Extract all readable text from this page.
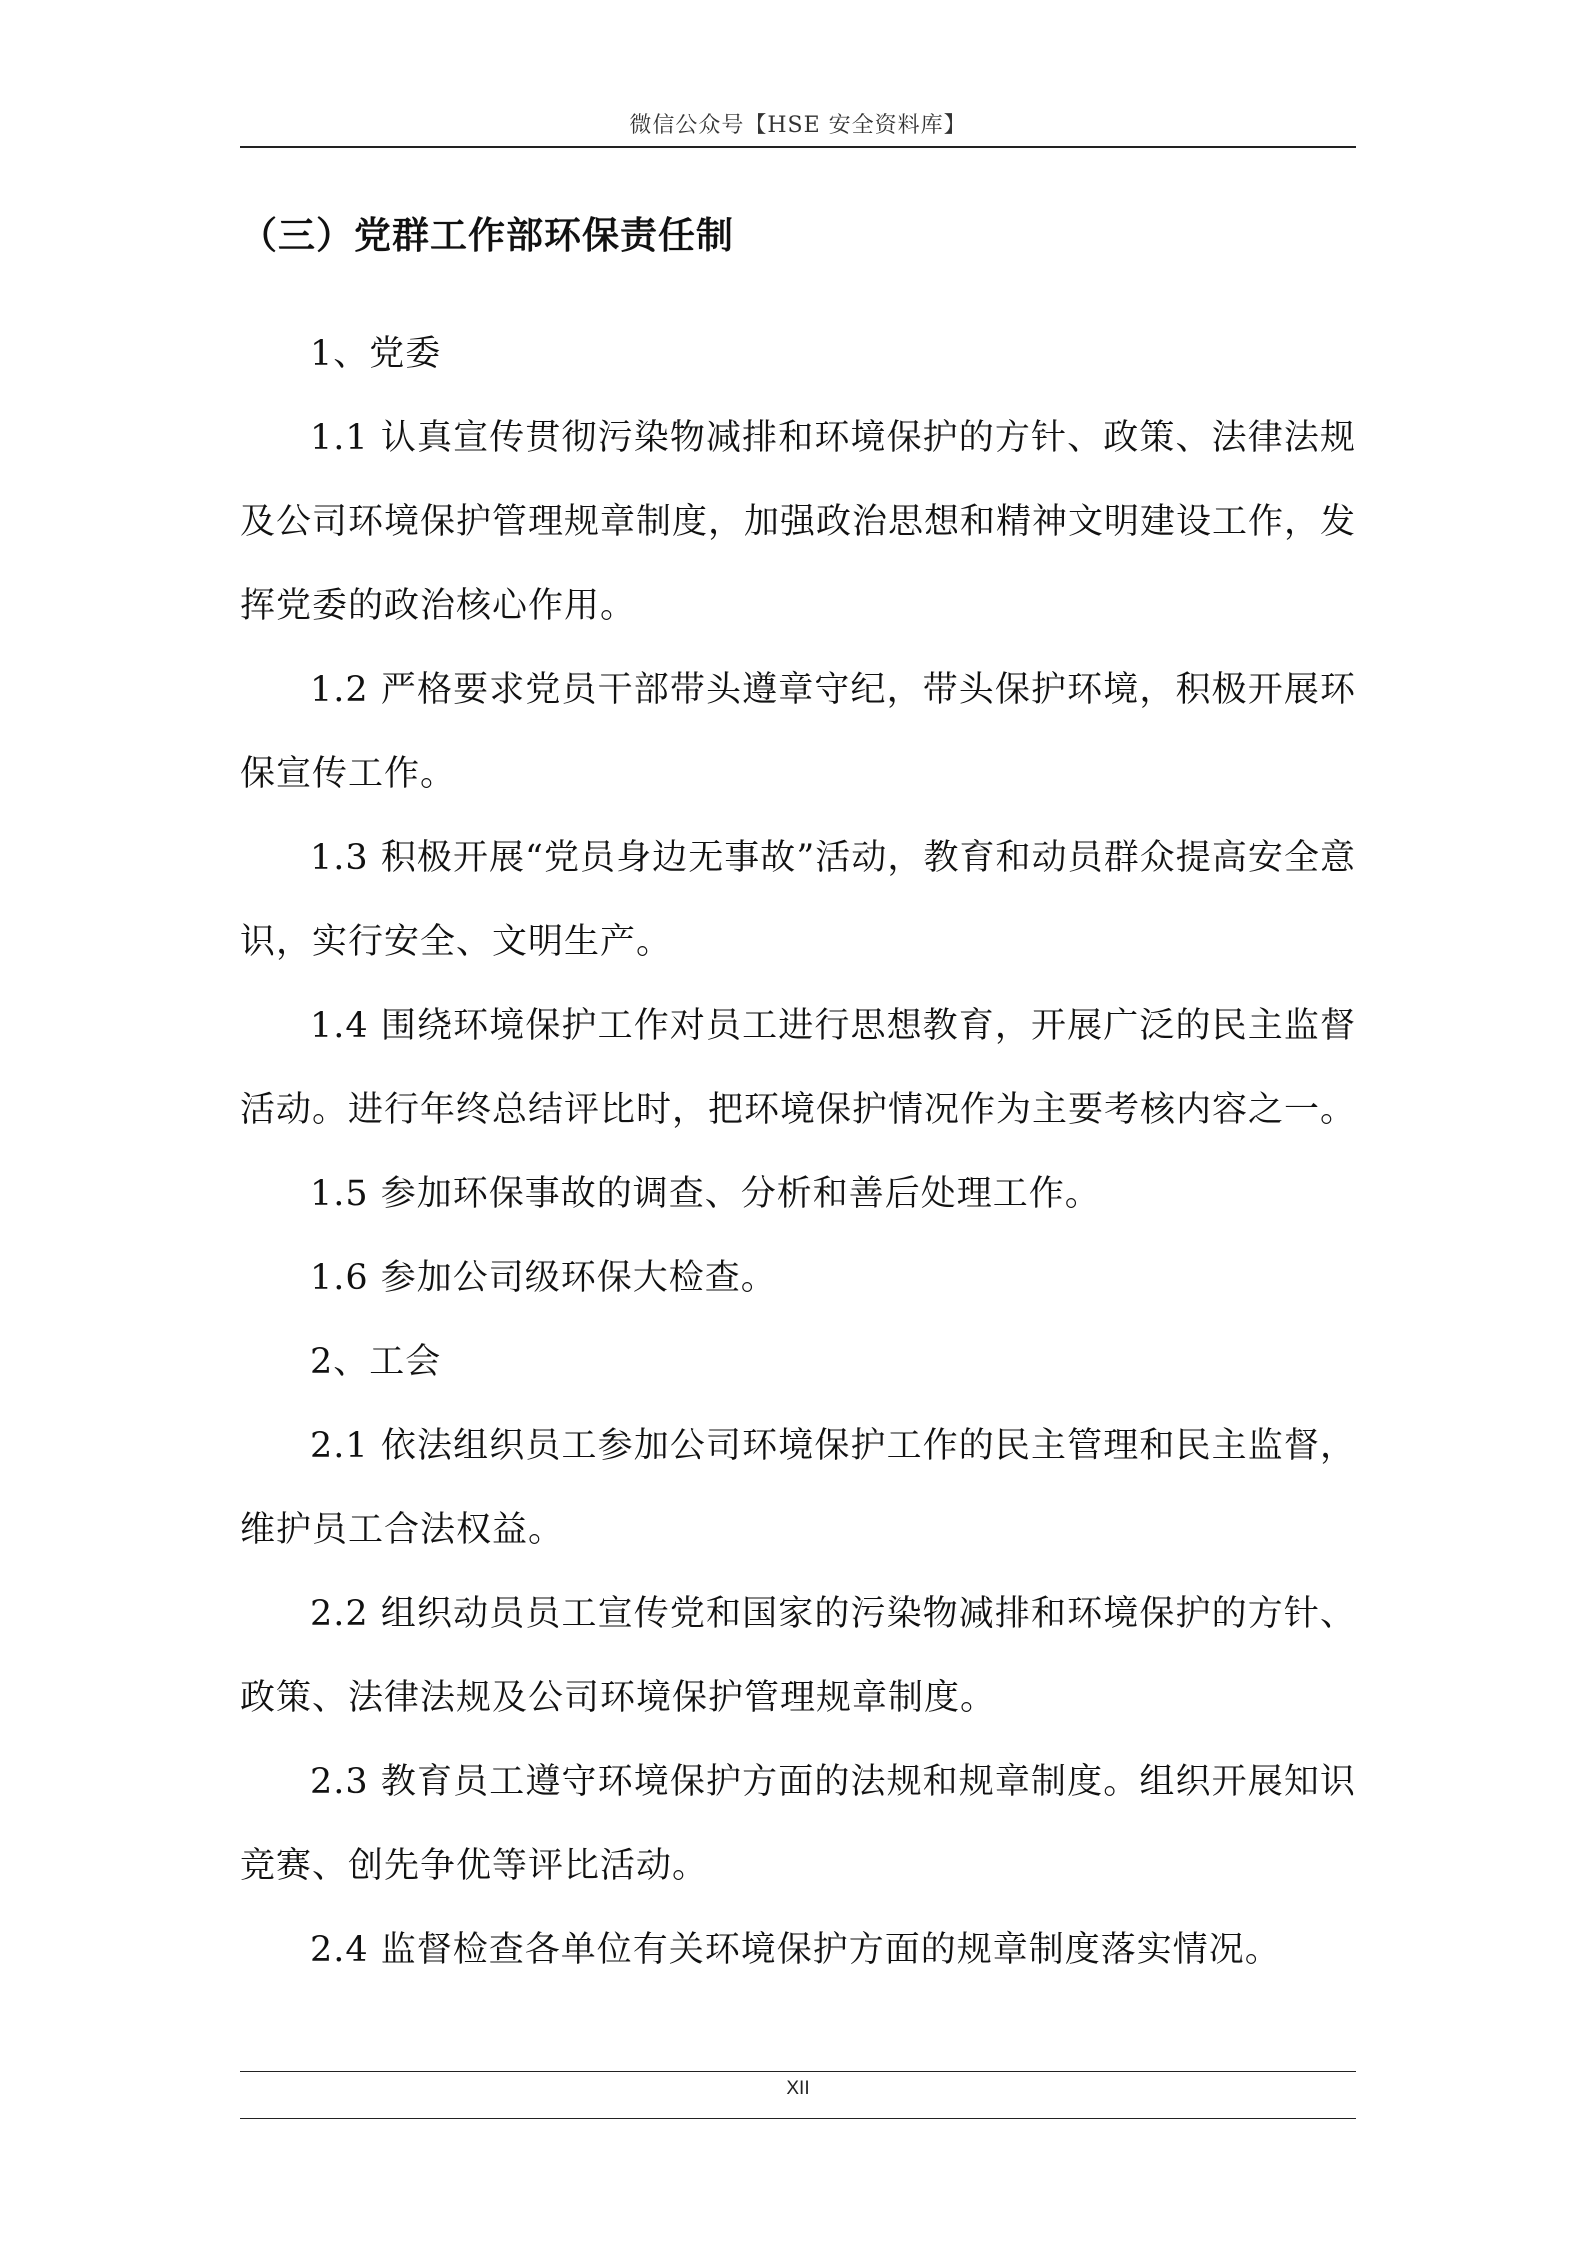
微信公众号【HSE 安全资料库】
（三）党群工作部环保责任制

1、党委

1.1 认真宣传贯彻污染物减排和环境保护的方针、政策、法律法规及公司环境保护管理规章制度，加强政治思想和精神文明建设工作，发挥党委的政治核心作用。

1.2 严格要求党员干部带头遵章守纪，带头保护环境，积极开展环保宣传工作。

1.3 积极开展“党员身边无事故”活动，教育和动员群众提高安全意识，实行安全、文明生产。

1.4 围绕环境保护工作对员工进行思想教育，开展广泛的民主监督活动。进行年终总结评比时，把环境保护情况作为主要考核内容之一。

1.5 参加环保事故的调查、分析和善后处理工作。

1.6 参加公司级环保大检查。

2、工会

2.1 依法组织员工参加公司环境保护工作的民主管理和民主监督，维护员工合法权益。

2.2 组织动员员工宣传党和国家的污染物减排和环境保护的方针、政策、法律法规及公司环境保护管理规章制度。

2.3 教育员工遵守环境保护方面的法规和规章制度。组织开展知识竞赛、创先争优等评比活动。

2.4 监督检查各单位有关环境保护方面的规章制度落实情况。

XII
